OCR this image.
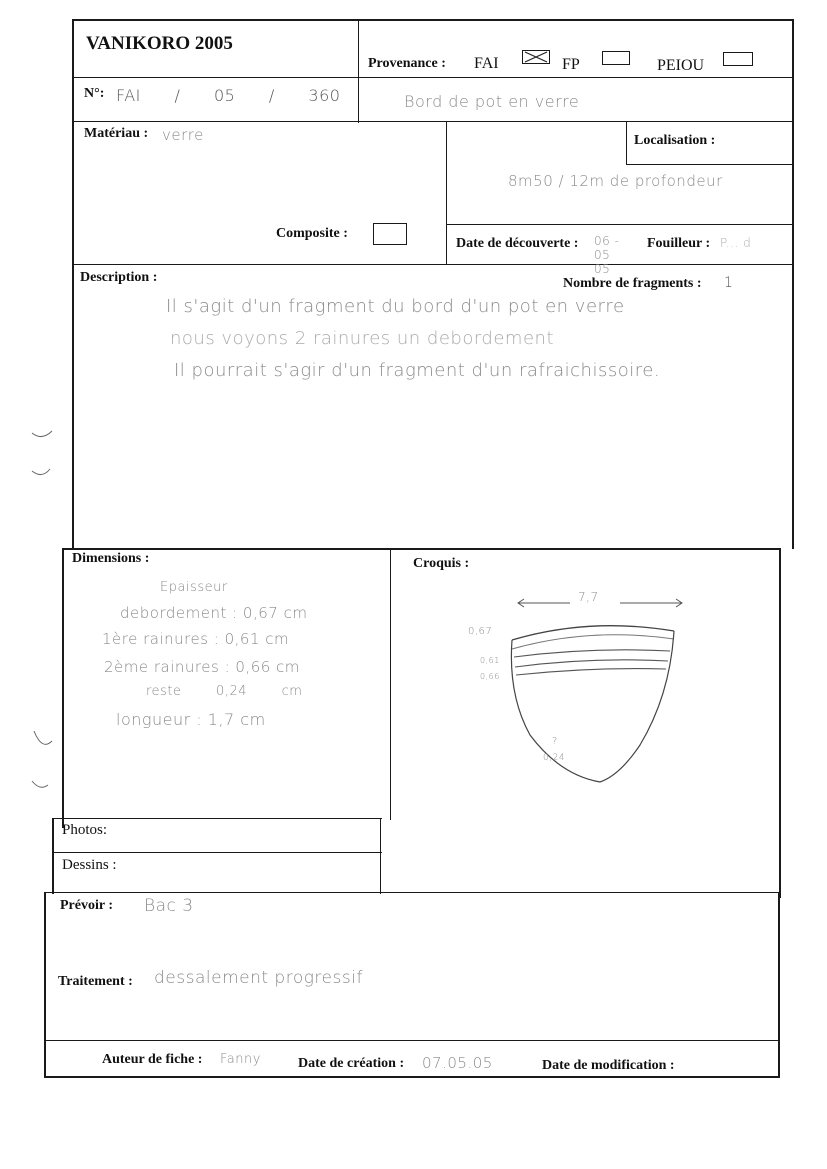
VANIKORO 2005
Provenance : FAI	FP	PEIOU
N°: FAI / 05 / 360	Bord de pot en verre
Matériau : verre
Composite :
Localisation :
8m50 / 12m de profondeur
Date de découverte : 06 - 05 05
Fouilleur : P... d
Description :	Nombre de fragments : 1
Il s'agit d'un fragment du bord d'un pot en verre
nous voyons 2 rainures un debordement
Il pourrait s'agir d'un fragment d'un rafraichissoire.
Dimensions :
Epaisseur
debordement : 0,67 cm
1ère rainures : 0,61 cm
2ème rainures : 0,66 cm
reste 0,24 cm
longueur : 1,7 cm
Croquis :
7,7
0,67
0,61
0,66
?
0,24
Photos:
Dessins :
Prévoir : Bac 3
Traitement : dessalement progressif
Auteur de fiche : Fanny	Date de création : 07.05.05	Date de modification :
